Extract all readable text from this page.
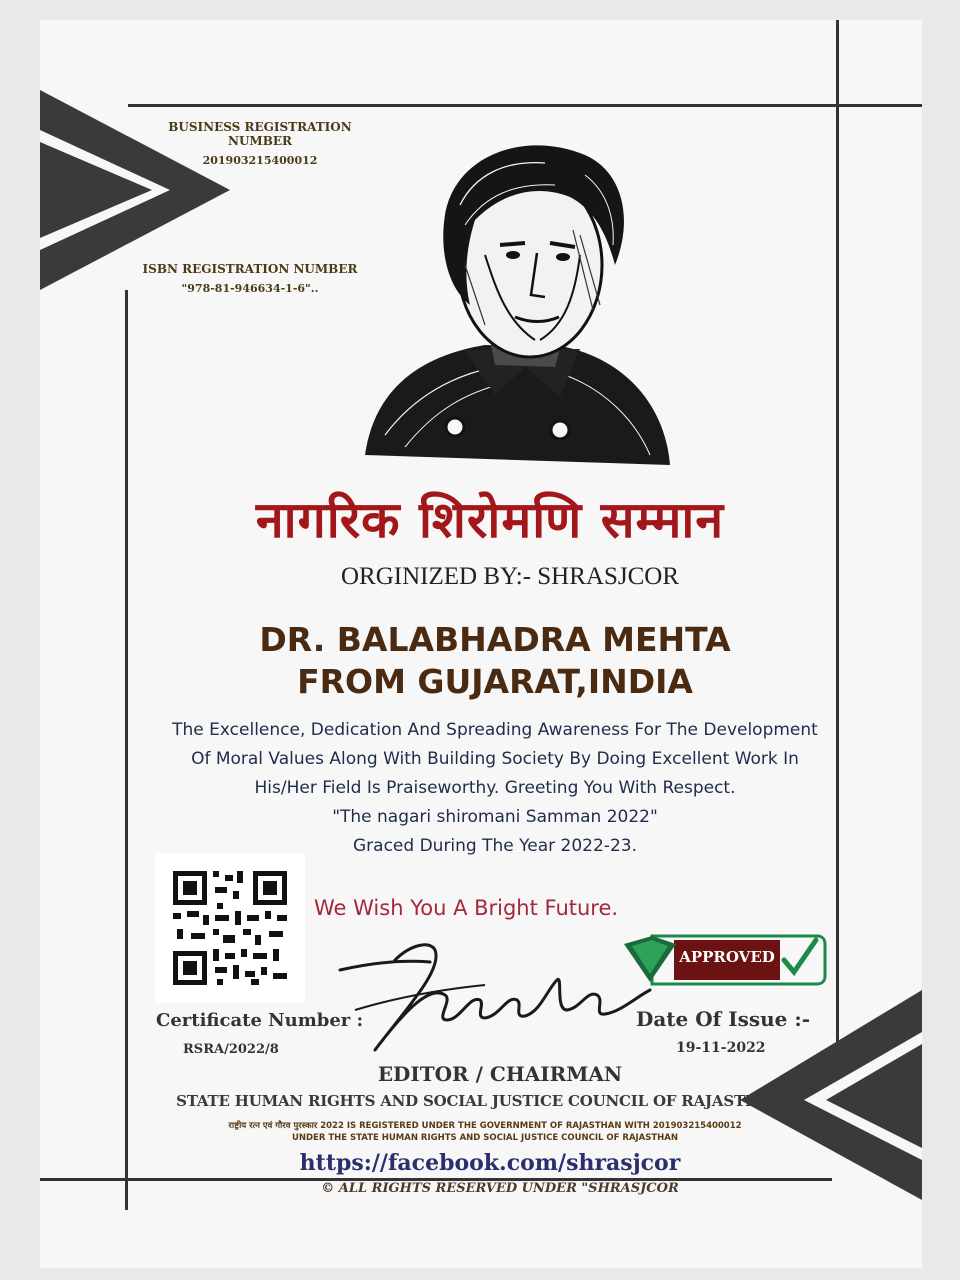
BUSINESS REGISTRATION NUMBER
201903215400012
ISBN REGISTRATION NUMBER
"978-81-946634-1-6"..
नागरिक शिरोमणि सम्मान
ORGINIZED BY:- SHRASJCOR
DR. BALABHADRA MEHTA
FROM GUJARAT,INDIA
The Excellence, Dedication And Spreading Awareness For The Development
Of Moral Values Along With Building Society By Doing Excellent Work In
His/Her Field Is Praiseworthy. Greeting You With Respect.
"The nagari shiromani Samman 2022"
Graced During The Year 2022-23.
We Wish You A Bright Future.
APPROVED
Certificate Number :
RSRA/2022/8
Date Of Issue :-
19-11-2022
EDITOR / CHAIRMAN
STATE HUMAN RIGHTS AND SOCIAL JUSTICE COUNCIL OF RAJASTHAN
राष्ट्रीय रत्न एवं गौरव पुरस्कार 2022 IS REGISTERED UNDER THE GOVERNMENT OF RAJASTHAN WITH 201903215400012
UNDER THE STATE HUMAN RIGHTS AND SOCIAL JUSTICE COUNCIL OF RAJASTHAN
https://facebook.com/shrasjcor
© ALL RIGHTS RESERVED UNDER "SHRASJCOR
